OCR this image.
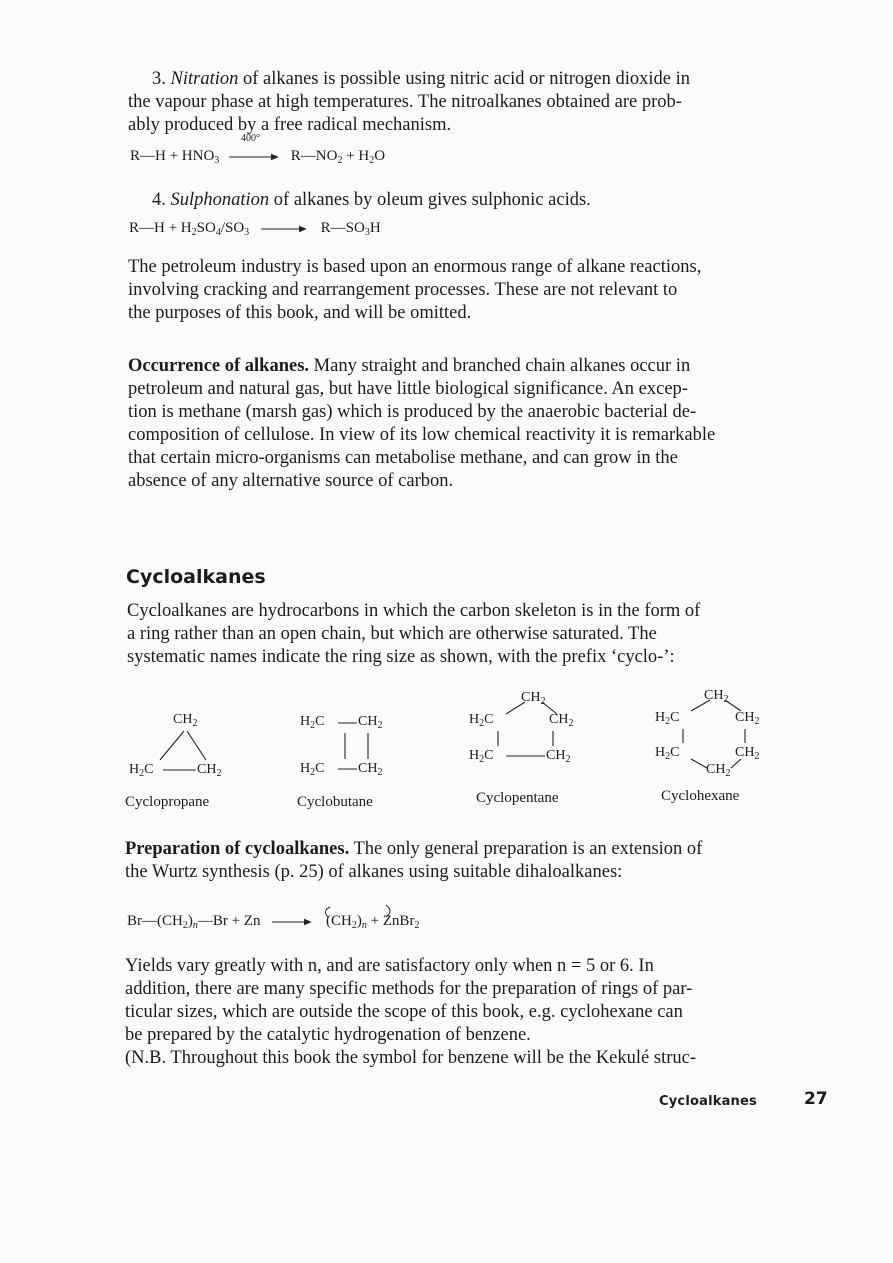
3. Nitration of alkanes is possible using nitric acid or nitrogen dioxide in
the vapour phase at high temperatures. The nitroalkanes obtained are prob-
ably produced by a free radical mechanism.
R—H + $HNO_3$
400°
$R—NO_2 + H_2O$
4. Sulphonation of alkanes by oleum gives sulphonic acids.
R—H + $H_2SO_4/SO_3$	$R—SO_3H$
The petroleum industry is based upon an enormous range of alkane reactions,
involving cracking and rearrangement processes. These are not relevant to
the purposes of this book, and will be omitted.
Occurrence of alkanes. Many straight and branched chain alkanes occur in
petroleum and natural gas, but have little biological significance. An excep-
tion is methane (marsh gas) which is produced by the anaerobic bacterial de-
composition of cellulose. In view of its low chemical reactivity it is remarkable
that certain micro-organisms can metabolise methane, and can grow in the
absence of any alternative source of carbon.
Cycloalkanes
Cycloalkanes are hydrocarbons in which the carbon skeleton is in the form of
a ring rather than an open chain, but which are otherwise saturated. The
systematic names indicate the ring size as shown, with the prefix ‘cyclo-’:
$CH_2$
$H_2C$	$CH_2$
Cyclopropane
$H_2C$ $CH_2$
$H_2C$ $CH_2$
Cyclobutane
$CH_2$
$H_2C$	$CH_2$
$H_2C$	$CH_2$
Cyclopentane
$CH_2$
$H_2C$	$CH_2$
$H_2C$	$CH_2$
$CH_2$
Cyclohexane
Preparation of cycloalkanes. The only general preparation is an extension of
the Wurtz synthesis (p. 25) of alkanes using suitable dihaloalkanes:
$Br—(CH_2)_n—Br + Zn$	$(CH_2)_n$ + ZnBr$_2$
Yields vary greatly with n, and are satisfactory only when n = 5 or 6. In
addition, there are many specific methods for the preparation of rings of par-
ticular sizes, which are outside the scope of this book, e.g. cyclohexane can
be prepared by the catalytic hydrogenation of benzene.
(N.B. Throughout this book the symbol for benzene will be the Kekulé struc-
Cycloalkanes	27
